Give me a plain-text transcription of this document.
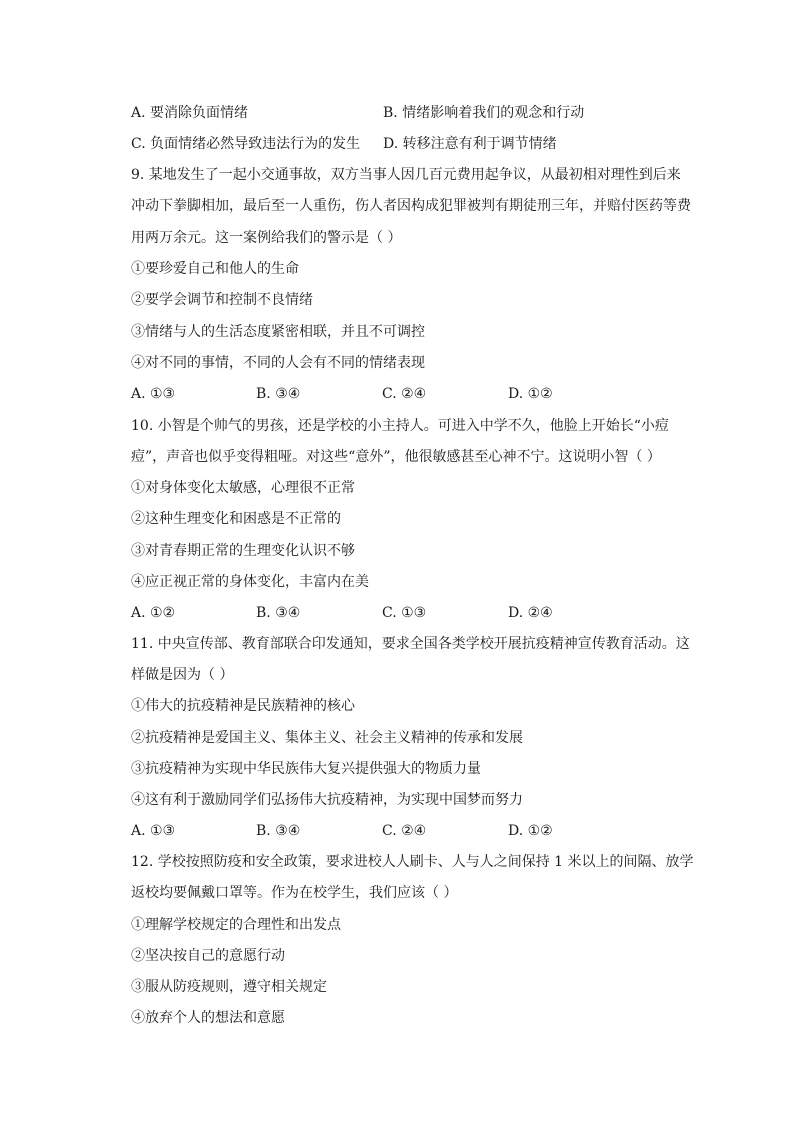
A. 要消除负面情绪	B. 情绪影响着我们的观念和行动
C. 负面情绪必然导致违法行为的发生 D. 转移注意有利于调节情绪
9. 某地发生了一起小交通事故，双方当事人因几百元费用起争议，从最初相对理性到后来
冲动下拳脚相加，最后至一人重伤，伤人者因构成犯罪被判有期徒刑三年，并赔付医药等费
用两万余元。这一案例给我们的警示是（ ）
①要珍爱自己和他人的生命
②要学会调节和控制不良情绪
③情绪与人的生活态度紧密相联，并且不可调控
④对不同的事情，不同的人会有不同的情绪表现
A. ①③	B. ③④	C. ②④	D. ①②
10. 小智是个帅气的男孩，还是学校的小主持人。可进入中学不久，他脸上开始长“小痘
痘”，声音也似乎变得粗哑。对这些“意外”，他很敏感甚至心神不宁。这说明小智（ ）
①对身体变化太敏感，心理很不正常
②这种生理变化和困惑是不正常的
③对青春期正常的生理变化认识不够
④应正视正常的身体变化，丰富内在美
A. ①②	B. ③④	C. ①③	D. ②④
11. 中央宣传部、教育部联合印发通知，要求全国各类学校开展抗疫精神宣传教育活动。这
样做是因为（ ）
①伟大的抗疫精神是民族精神的核心
②抗疫精神是爱国主义、集体主义、社会主义精神的传承和发展
③抗疫精神为实现中华民族伟大复兴提供强大的物质力量
④这有利于激励同学们弘扬伟大抗疫精神，为实现中国梦而努力
A. ①③	B. ③④	C. ②④	D. ①②
12. 学校按照防疫和安全政策，要求进校人人刷卡、人与人之间保持 1 米以上的间隔、放学
返校均要佩戴口罩等。作为在校学生，我们应该（ ）
①理解学校规定的合理性和出发点
②坚决按自己的意愿行动
③服从防疫规则，遵守相关规定
④放弃个人的想法和意愿
